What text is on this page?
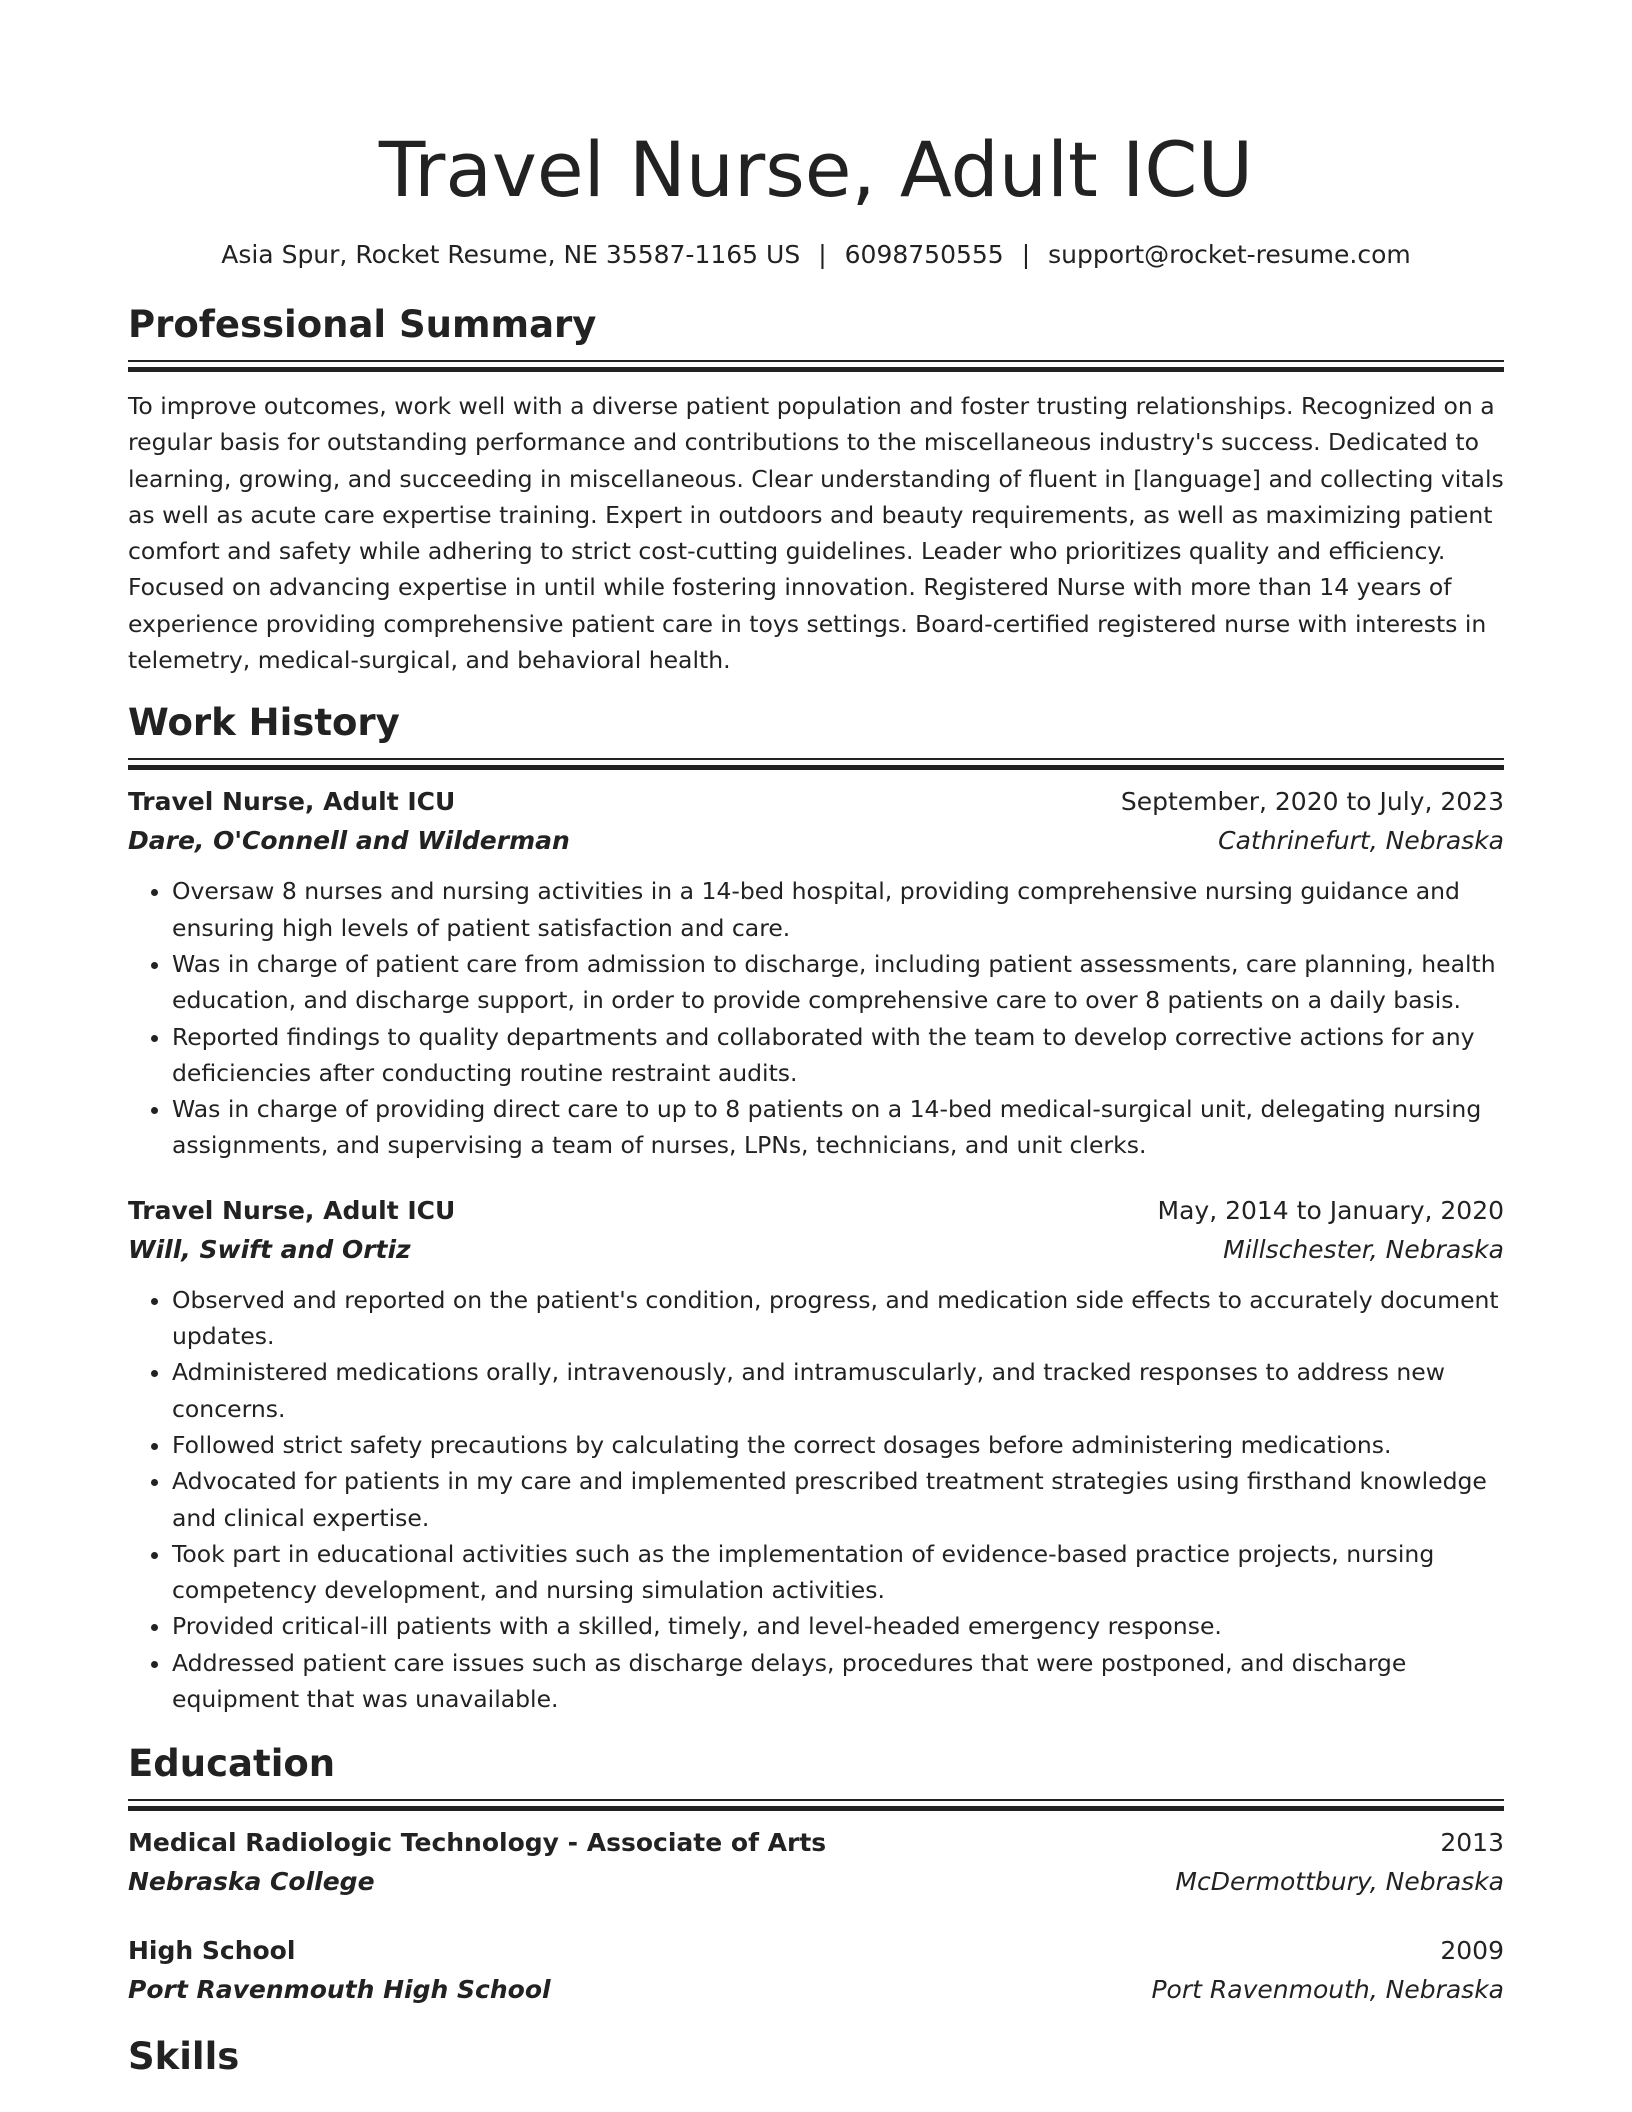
Travel Nurse, Adult ICU
Asia Spur, Rocket Resume, NE 35587-1165 US | 6098750555 | support@rocket-resume.com
Professional Summary
To improve outcomes, work well with a diverse patient population and foster trusting relationships. Recognized on a regular basis for outstanding performance and contributions to the miscellaneous industry's success. Dedicated to learning, growing, and succeeding in miscellaneous. Clear understanding of fluent in [language] and collecting vitals as well as acute care expertise training. Expert in outdoors and beauty requirements, as well as maximizing patient comfort and safety while adhering to strict cost-cutting guidelines. Leader who prioritizes quality and efficiency. Focused on advancing expertise in until while fostering innovation. Registered Nurse with more than 14 years of experience providing comprehensive patient care in toys settings. Board-certified registered nurse with interests in telemetry, medical-surgical, and behavioral health.
Work History
Travel Nurse, Adult ICU	September, 2020 to July, 2023
Dare, O'Connell and Wilderman	Cathrinefurt, Nebraska
• Oversaw 8 nurses and nursing activities in a 14-bed hospital, providing comprehensive nursing guidance and ensuring high levels of patient satisfaction and care.
• Was in charge of patient care from admission to discharge, including patient assessments, care planning, health education, and discharge support, in order to provide comprehensive care to over 8 patients on a daily basis.
• Reported findings to quality departments and collaborated with the team to develop corrective actions for any deficiencies after conducting routine restraint audits.
• Was in charge of providing direct care to up to 8 patients on a 14-bed medical-surgical unit, delegating nursing assignments, and supervising a team of nurses, LPNs, technicians, and unit clerks.
Travel Nurse, Adult ICU	May, 2014 to January, 2020
Will, Swift and Ortiz	Millschester, Nebraska
• Observed and reported on the patient's condition, progress, and medication side effects to accurately document updates.
• Administered medications orally, intravenously, and intramuscularly, and tracked responses to address new concerns.
• Followed strict safety precautions by calculating the correct dosages before administering medications.
• Advocated for patients in my care and implemented prescribed treatment strategies using firsthand knowledge and clinical expertise.
• Took part in educational activities such as the implementation of evidence-based practice projects, nursing competency development, and nursing simulation activities.
• Provided critical-ill patients with a skilled, timely, and level-headed emergency response.
• Addressed patient care issues such as discharge delays, procedures that were postponed, and discharge equipment that was unavailable.
Education
Medical Radiologic Technology - Associate of Arts	2013
Nebraska College	McDermottbury, Nebraska
High School	2009
Port Ravenmouth High School	Port Ravenmouth, Nebraska
Skills
